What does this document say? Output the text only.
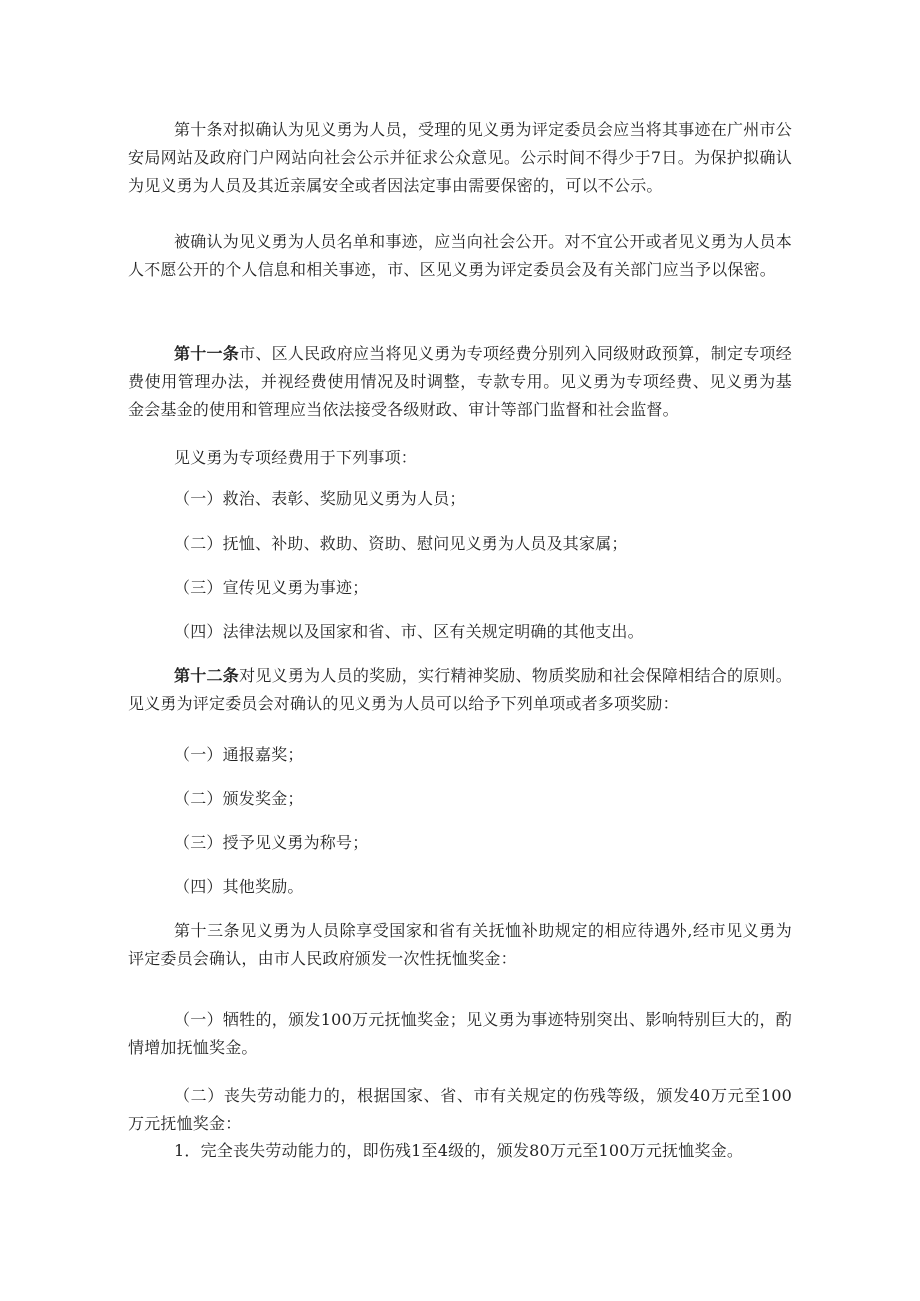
第十条对拟确认为见义勇为人员，受理的见义勇为评定委员会应当将其事迹在广州市公安局网站及政府门户网站向社会公示并征求公众意见。公示时间不得少于7日。为保护拟确认为见义勇为人员及其近亲属安全或者因法定事由需要保密的，可以不公示。

被确认为见义勇为人员名单和事迹，应当向社会公开。对不宜公开或者见义勇为人员本人不愿公开的个人信息和相关事迹，市、区见义勇为评定委员会及有关部门应当予以保密。

第十一条市、区人民政府应当将见义勇为专项经费分别列入同级财政预算，制定专项经费使用管理办法，并视经费使用情况及时调整，专款专用。见义勇为专项经费、见义勇为基金会基金的使用和管理应当依法接受各级财政、审计等部门监督和社会监督。

见义勇为专项经费用于下列事项：

（一）救治、表彰、奖励见义勇为人员；

（二）抚恤、补助、救助、资助、慰问见义勇为人员及其家属；

（三）宣传见义勇为事迹；

（四）法律法规以及国家和省、市、区有关规定明确的其他支出。

第十二条对见义勇为人员的奖励，实行精神奖励、物质奖励和社会保障相结合的原则。见义勇为评定委员会对确认的见义勇为人员可以给予下列单项或者多项奖励：

（一）通报嘉奖；

（二）颁发奖金；

（三）授予见义勇为称号；

（四）其他奖励。

第十三条见义勇为人员除享受国家和省有关抚恤补助规定的相应待遇外,经市见义勇为评定委员会确认，由市人民政府颁发一次性抚恤奖金：

（一）牺牲的，颁发100万元抚恤奖金；见义勇为事迹特别突出、影响特别巨大的，酌情增加抚恤奖金。

（二）丧失劳动能力的，根据国家、省、市有关规定的伤残等级，颁发40万元至100万元抚恤奖金：

1．完全丧失劳动能力的，即伤残1至4级的，颁发80万元至100万元抚恤奖金。
